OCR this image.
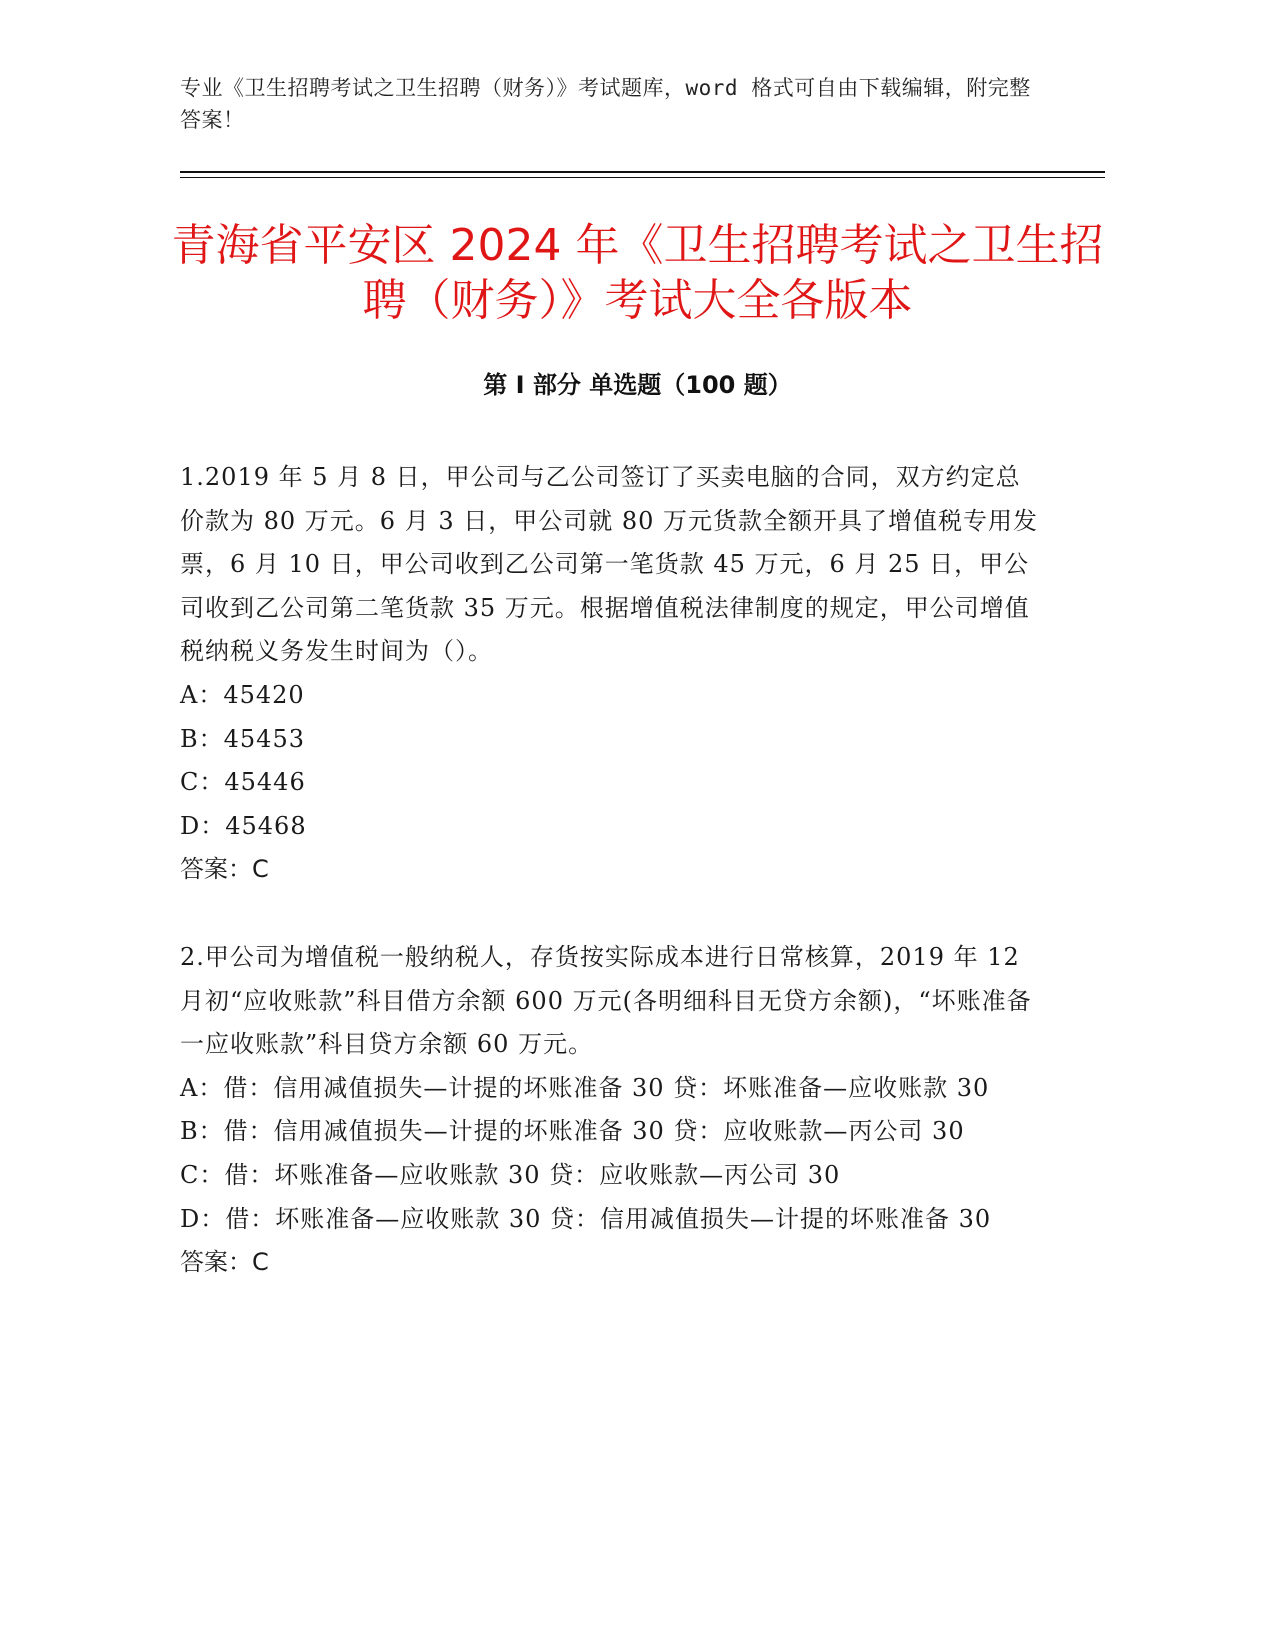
专业《卫生招聘考试之卫生招聘（财务）》考试题库，word 格式可自由下载编辑，附完整答案！
青海省平安区 2024 年《卫生招聘考试之卫生招聘（财务）》考试大全各版本
第 I 部分 单选题（100 题）

1.2019 年 5 月 8 日，甲公司与乙公司签订了买卖电脑的合同，双方约定总价款为 80 万元。6 月 3 日，甲公司就 80 万元货款全额开具了增值税专用发票，6 月 10 日，甲公司收到乙公司第一笔货款 45 万元，6 月 25 日，甲公司收到乙公司第二笔货款 35 万元。根据增值税法律制度的规定，甲公司增值税纳税义务发生时间为（）。

A：45420

B：45453

C：45446

D：45468

答案：C

2.甲公司为增值税一般纳税人，存货按实际成本进行日常核算，2019 年 12 月初“应收账款”科目借方余额 600 万元(各明细科目无贷方余额)，“坏账准备一应收账款”科目贷方余额 60 万元。

A：借：信用减值损失—计提的坏账准备 30 贷：坏账准备—应收账款 30

B：借：信用减值损失—计提的坏账准备 30 贷：应收账款—丙公司 30

C：借：坏账准备—应收账款 30 贷：应收账款—丙公司 30

D：借：坏账准备—应收账款 30 贷：信用减值损失—计提的坏账准备 30

答案：C
